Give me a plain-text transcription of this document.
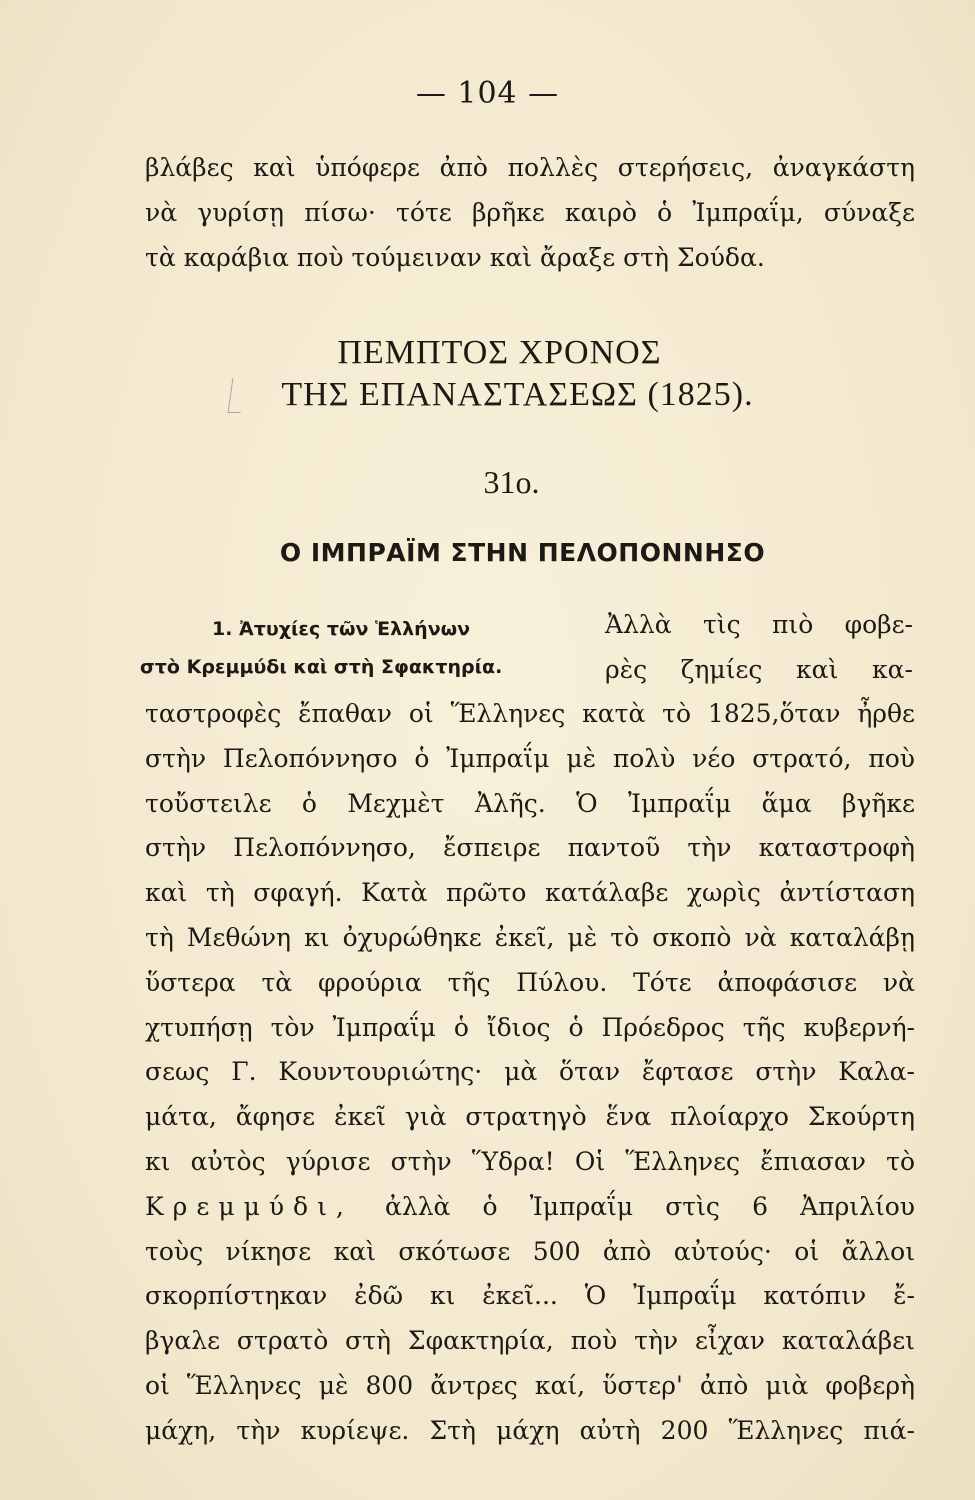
— 104 —
βλάβες καὶ ὑπόφερε ἀπὸ πολλὲς στερήσεις, ἀναγκάστη
νὰ γυρίσῃ πίσω· τότε βρῆκε καιρὸ ὁ Ἰμπραΐμ, σύναξε
τὰ καράβια ποὺ τούμειναν καὶ ἄραξε στὴ Σούδα.
ΠΕΜΠΤΟΣ ΧΡΟΝΟΣ
ΤΗΣ ΕΠΑΝΑΣΤΑΣΕΩΣ (1825).
31ο.
Ο ΙΜΠΡΑΪΜ ΣΤΗΝ ΠΕΛΟΠΟΝΝΗΣΟ
1. Ἀτυχίες τῶν Ἑλλήνων
στὸ Κρεμμύδι καὶ στὴ Σφακτηρία.
Ἀλλὰ τὶς πιὸ φοβε-
ρὲς ζημίες καὶ κα-
ταστροφὲς ἔπαθαν οἱ Ἕλληνες κατὰ τὸ 1825,ὅταν ἦρθε
στὴν Πελοπόννησο ὁ Ἰμπραΐμ μὲ πολὺ νέο στρατό, ποὺ
τοὔστειλε ὁ Μεχμὲτ Ἀλῆς. Ὁ Ἰμπραΐμ ἅμα βγῆκε
στὴν Πελοπόννησο, ἔσπειρε παντοῦ τὴν καταστροφὴ
καὶ τὴ σφαγή. Κατὰ πρῶτο κατάλαβε χωρὶς ἀντίσταση
τὴ Μεθώνη κι ὀχυρώθηκε ἐκεῖ, μὲ τὸ σκοπὸ νὰ καταλάβῃ
ὕστερα τὰ φρούρια τῆς Πύλου. Τότε ἀποφάσισε νὰ
χτυπήσῃ τὸν Ἰμπραΐμ ὁ ἴδιος ὁ Πρόεδρος τῆς κυβερνή-
σεως Γ. Κουντουριώτης· μὰ ὅταν ἔφτασε στὴν Καλα-
μάτα, ἄφησε ἐκεῖ γιὰ στρατηγὸ ἕνα πλοίαρχο Σκούρτη
κι αὐτὸς γύρισε στὴν Ὕδρα! Οἱ Ἕλληνες ἔπιασαν τὸ
Κρεμμύδι, ἀλλὰ ὁ Ἰμπραΐμ στὶς 6 Ἀπριλίου
τοὺς νίκησε καὶ σκότωσε 500 ἀπὸ αὐτούς· οἱ ἄλλοι
σκορπίστηκαν ἐδῶ κι ἐκεῖ... Ὁ Ἰμπραΐμ κατόπιν ἔ-
βγαλε στρατὸ στὴ Σφακτηρία, ποὺ τὴν εἶχαν καταλάβει
οἱ Ἕλληνες μὲ 800 ἄντρες καί, ὕστερ' ἀπὸ μιὰ φοβερὴ
μάχη, τὴν κυρίεψε. Στὴ μάχη αὐτὴ 200 Ἕλληνες πιά-
